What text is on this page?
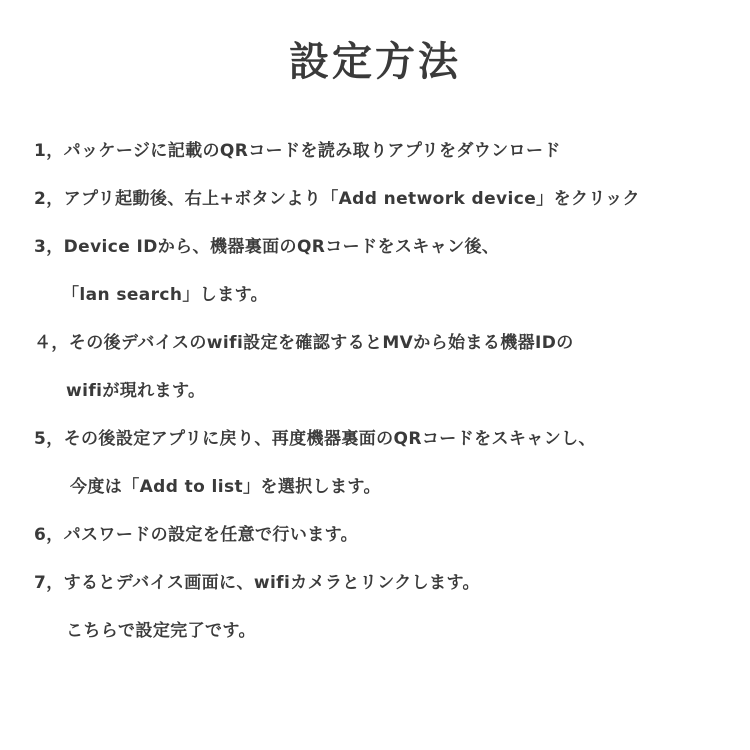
設定方法
1，パッケージに記載のQRコードを読み取りアプリをダウンロード
2，アプリ起動後、右上+ボタンより「Add network device」をクリック
3，Device IDから、機器裏面のQRコードをスキャン後、
「lan search」します。
４，その後デバイスのwifi設定を確認するとMVから始まる機器IDの
wifiが現れます。
5，その後設定アプリに戻り、再度機器裏面のQRコードをスキャンし、
今度は「Add to list」を選択します。
6，パスワードの設定を任意で行います。
7，するとデバイス画面に、wifiカメラとリンクします。
こちらで設定完了です。
